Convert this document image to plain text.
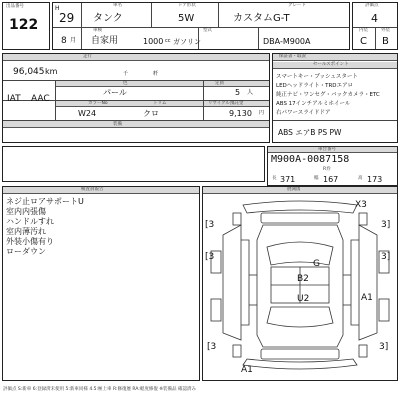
出品番号
122
H
29
車名
タンク
ドア形状
5W
グレード
カスタムG-T
8 月
車検
自家用	1000 cc ガソリン
型式
DBA-M900A
評価点
4
内装	外装
C B
走行
色	定員
カラーNo	トリム	リサイクル預託金
装備
96,045 km	千	粁
IAT AAC
パール	5 人
W24	クロ	9,130 円
保証書・取説
セールスポイント
スマートキー・プッシュスタート
LEDヘッドライト・TRDエアロ
純正ナビ・ワンセグ・バックカメラ・ETC
ABS 17インチアルミホイール
右パワースライドドア
ABS エアB PS PW
車台番号
M900A-0087158
R券
長 371	幅 167	高 173
検査員報告
ネジ止ロアサポートU
室内内張傷
ハンドルすれ
室内薄汚れ
外装小傷有り
ローダウン
展開図
X3
[3	3]
G
B2
U2
[3	3]
A1
[3	3]
A1
評価点 S:新車 6:登録済未使用 5:新車同様 4.5:極上車 R:修復歴 RA:軽度修復 ※装備品 確認済み
